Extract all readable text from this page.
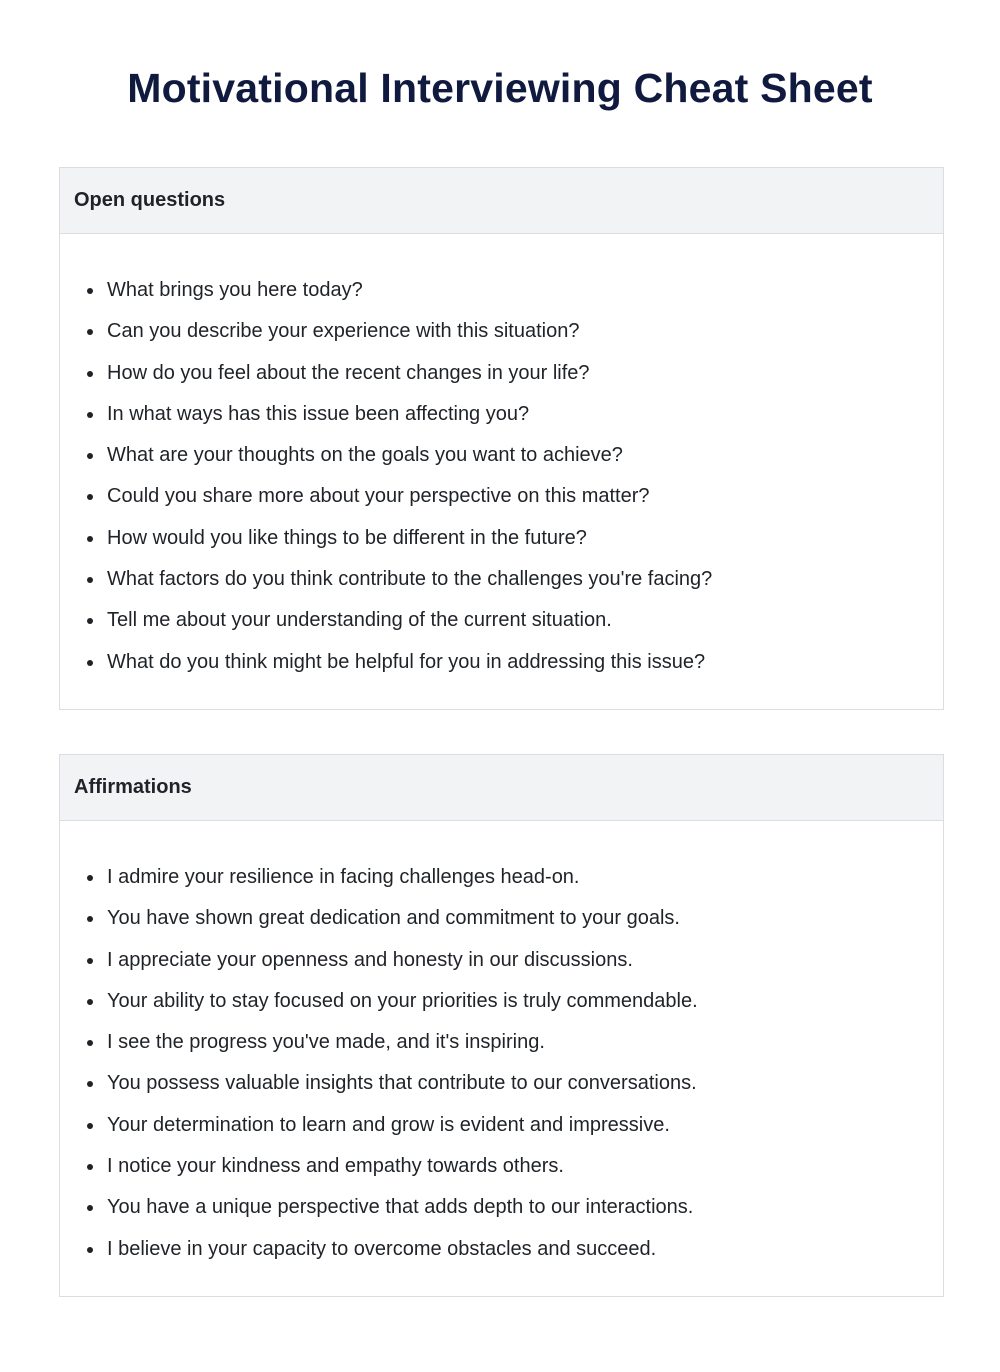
Motivational Interviewing Cheat Sheet
Open questions
What brings you here today?
Can you describe your experience with this situation?
How do you feel about the recent changes in your life?
In what ways has this issue been affecting you?
What are your thoughts on the goals you want to achieve?
Could you share more about your perspective on this matter?
How would you like things to be different in the future?
What factors do you think contribute to the challenges you're facing?
Tell me about your understanding of the current situation.
What do you think might be helpful for you in addressing this issue?
Affirmations
I admire your resilience in facing challenges head-on.
You have shown great dedication and commitment to your goals.
I appreciate your openness and honesty in our discussions.
Your ability to stay focused on your priorities is truly commendable.
I see the progress you've made, and it's inspiring.
You possess valuable insights that contribute to our conversations.
Your determination to learn and grow is evident and impressive.
I notice your kindness and empathy towards others.
You have a unique perspective that adds depth to our interactions.
I believe in your capacity to overcome obstacles and succeed.
